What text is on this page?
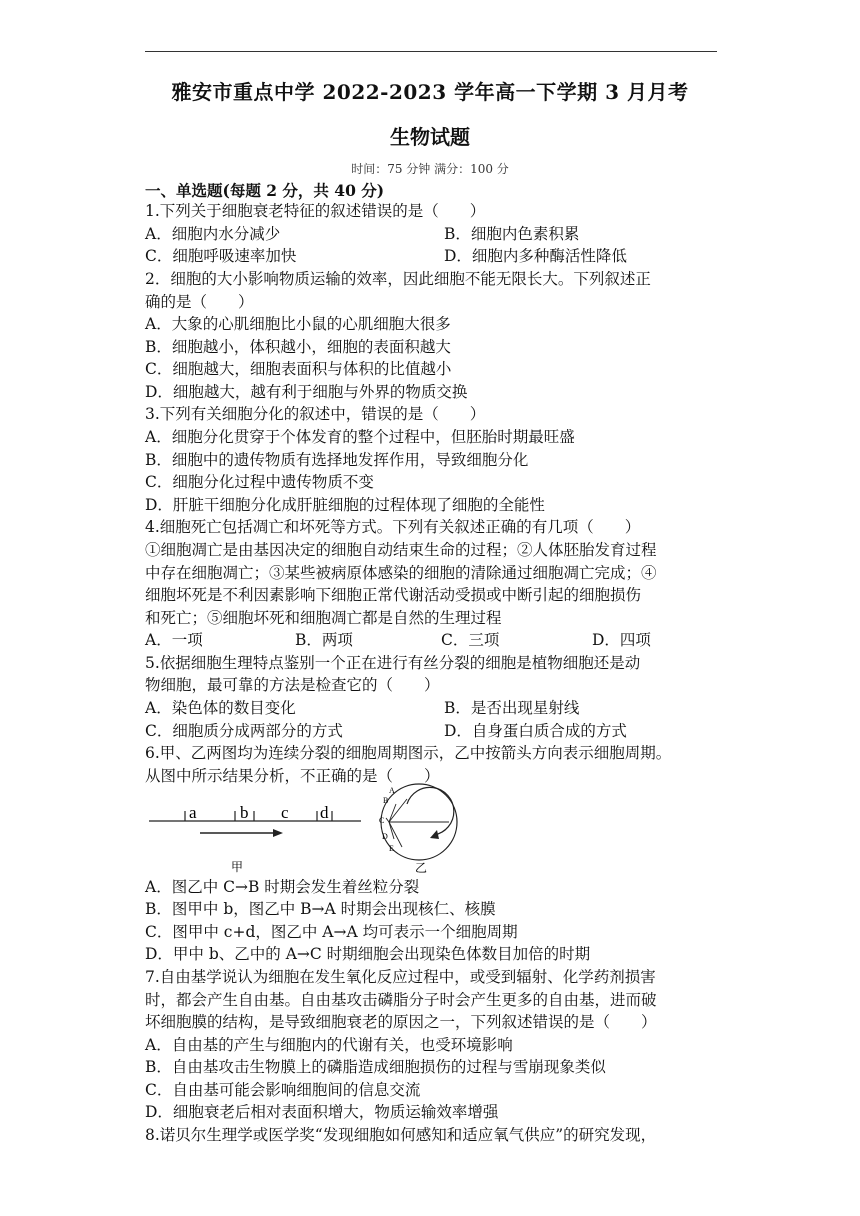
雅安市重点中学 2022-2023 学年高一下学期 3 月月考
生物试题
时间：75 分钟 满分：100 分
一、单选题(每题 2 分，共 40 分)
1.下列关于细胞衰老特征的叙述错误的是（　　）
A．细胞内水分减少	B．细胞内色素积累
C．细胞呼吸速率加快	D．细胞内多种酶活性降低
2．细胞的大小影响物质运输的效率，因此细胞不能无限长大。下列叙述正
确的是（　　）
A．大象的心肌细胞比小鼠的心肌细胞大很多
B．细胞越小，体积越小，细胞的表面积越大
C．细胞越大，细胞表面积与体积的比值越小
D．细胞越大，越有利于细胞与外界的物质交换
3.下列有关细胞分化的叙述中，错误的是（　　）
A．细胞分化贯穿于个体发育的整个过程中，但胚胎时期最旺盛
B．细胞中的遗传物质有选择地发挥作用，导致细胞分化
C．细胞分化过程中遗传物质不变
D．肝脏干细胞分化成肝脏细胞的过程体现了细胞的全能性
4.细胞死亡包括凋亡和坏死等方式。下列有关叙述正确的有几项（　　）
①细胞凋亡是由基因决定的细胞自动结束生命的过程；②人体胚胎发育过程
中存在细胞凋亡；③某些被病原体感染的细胞的清除通过细胞凋亡完成；④
细胞坏死是不利因素影响下细胞正常代谢活动受损或中断引起的细胞损伤
和死亡；⑤细胞坏死和细胞凋亡都是自然的生理过程
A．一项	B．两项	C．三项	D．四项
5.依据细胞生理特点鉴别一个正在进行有丝分裂的细胞是植物细胞还是动
物细胞，最可靠的方法是检查它的（　　）
A．染色体的数目变化	B．是否出现星射线
C．细胞质分成两部分的方式	D．自身蛋白质合成的方式
6.甲、乙两图均为连续分裂的细胞周期图示，乙中按箭头方向表示细胞周期。
从图中所示结果分析，不正确的是（　　）
a	b c d
甲
A
B
C
D
E
乙
A．图乙中 C→B 时期会发生着丝粒分裂
B．图甲中 b，图乙中 B→A 时期会出现核仁、核膜
C．图甲中 c+d，图乙中 A→A 均可表示一个细胞周期
D．甲中 b、乙中的 A→C 时期细胞会出现染色体数目加倍的时期
7.自由基学说认为细胞在发生氧化反应过程中，或受到辐射、化学药剂损害
时，都会产生自由基。自由基攻击磷脂分子时会产生更多的自由基，进而破
坏细胞膜的结构，是导致细胞衰老的原因之一，下列叙述错误的是（　　）
A．自由基的产生与细胞内的代谢有关，也受环境影响
B．自由基攻击生物膜上的磷脂造成细胞损伤的过程与雪崩现象类似
C．自由基可能会影响细胞间的信息交流
D．细胞衰老后相对表面积增大，物质运输效率增强
8.诺贝尔生理学或医学奖“发现细胞如何感知和适应氧气供应”的研究发现，
